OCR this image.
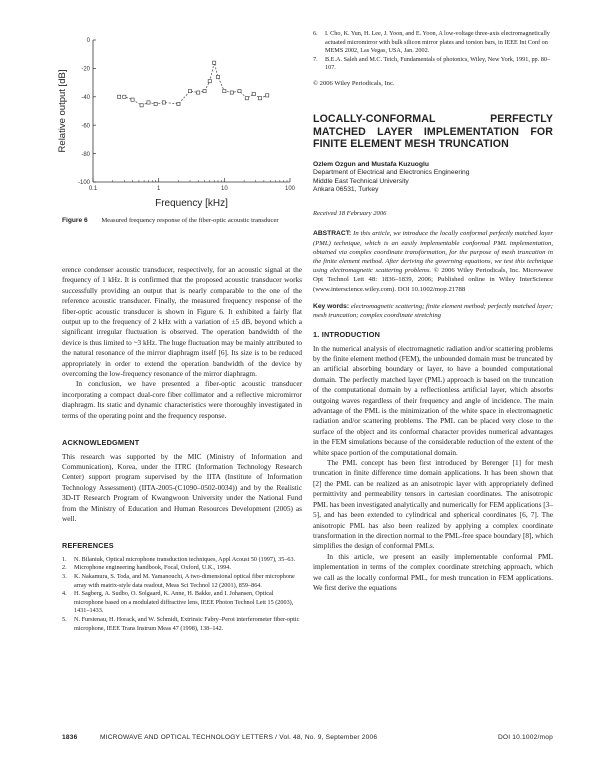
0
-20
-40
-60
-80
-100
0.1	1	10	100
Frequency [kHz]
Relative output [dB]
Figure 6 Measured frequency response of the fiber-optic acoustic transducer

erence condenser acoustic transducer, respectively, for an acoustic signal at the frequency of 1 kHz. It is confirmed that the proposed acoustic transducer works successfully providing an output that is nearly comparable to the one of the reference acoustic transducer. Finally, the measured frequency response of the fiber-optic acoustic transducer is shown in Figure 6. It exhibited a fairly flat output up to the frequency of 2 kHz with a variation of ±5 dB, beyond which a significant irregular fluctuation is observed. The operation bandwidth of the device is thus limited to ~3 kHz. The huge fluctuation may be mainly attributed to the natural resonance of the mirror diaphragm itself [6]. Its size is to be reduced appropriately in order to extend the operation bandwidth of the device by overcoming the low-frequency resonance of the mirror diaphragm.

In conclusion, we have presented a fiber-optic acoustic transducer incorporating a compact dual-core fiber collimator and a reflective micromirror diaphragm. Its static and dynamic characteristics were thoroughly investigated in terms of the operating point and the frequency response.

ACKNOWLEDGMENT

This research was supported by the MIC (Ministry of Information and Communication), Korea, under the ITRC (Information Technology Research Center) support program supervised by the IITA (Institute of Information Technology Assessment) (IITA-2005-(C1090–0502-0034)) and by the Realistic 3D-IT Research Program of Kwangwoon University under the National Fund from the Ministry of Education and Human Resources Development (2005) as well.

REFERENCES
1.	N. Bilaniuk, Optical microphone transduction techniques, Appl Acoust 50 (1997), 35–63.
2.	Microphone engineering handbook, Focal, Oxford, U.K., 1994.
3.	K. Nakamura, S. Toda, and M. Yamanouchi, A two-dimensional optical fiber microphone array with matrix-style data readout, Meas Sci Technol 12 (2001), 859–864.
4.	H. Sagberg, A. Sudbo, O. Solgaard, K. Anne, H. Bakke, and I. Johansen, Optical microphone based on a modulated diffractive lens, IEEE Photon Technol Lett 15 (2003), 1431–1433.
5.	N. Furstenau, H. Horack, and W. Schmidt, Extrinsic Fabry–Perot interferometer fiber-optic microphone, IEEE Trans Instrum Meas 47 (1998), 138–142.
6.	I. Cho, K. Yun, H. Lee, J. Yoon, and E. Yoon, A low-voltage three-axis electromagnetically actuated micromirror with bulk silicon mirror plates and torsion bars, in IEEE Int Conf on MEMS 2002, Las Vegas, USA, Jan. 2002.
7.	B.E.A. Saleh and M.C. Teich, Fundamentals of photonics, Wiley, New York, 1991, pp. 80–107.
© 2006 Wiley Periodicals, Inc.
LOCALLY-CONFORMAL PERFECTLY MATCHED LAYER IMPLEMENTATION FOR FINITE ELEMENT MESH TRUNCATION
Ozlem Ozgun and Mustafa Kuzuoglu
Department of Electrical and Electronics Engineering
Middle East Technical University
Ankara 06531, Turkey
Received 18 February 2006

ABSTRACT: In this article, we introduce the locally conformal perfectly matched layer (PML) technique, which is an easily implementable conformal PML implementation, obtained via complex coordinate transformation, for the purpose of mesh truncation in the finite element method. After deriving the governing equations, we test this technique using electromagnetic scattering problems. © 2006 Wiley Periodicals, Inc. Microwave Opt Technol Lett 48: 1836–1839, 2006; Published online in Wiley InterScience (www.interscience.wiley.com). DOI 10.1002/mop.21788

Key words: electromagnetic scattering; finite element method; perfectly matched layer; mesh truncation; complex coordinate stretching

1. INTRODUCTION

In the numerical analysis of electromagnetic radiation and/or scattering problems by the finite element method (FEM), the unbounded domain must be truncated by an artificial absorbing boundary or layer, to have a bounded computational domain. The perfectly matched layer (PML) approach is based on the truncation of the computational domain by a reflectionless artificial layer, which absorbs outgoing waves regardless of their frequency and angle of incidence. The main advantage of the PML is the minimization of the white space in electromagnetic radiation and/or scattering problems. The PML can be placed very close to the surface of the object and its conformal character provides numerical advantages in the FEM simulations because of the considerable reduction of the extent of the white space portion of the computational domain.

The PML concept has been first introduced by Berenger [1] for mesh truncation in finite difference time domain applications. It has been shown that [2] the PML can be realized as an anisotropic layer with appropriately defined permittivity and permeability tensors in cartesian coordinates. The anisotropic PML has been investigated analytically and numerically for FEM applications [3–5], and has been extended to cylindrical and spherical coordinates [6, 7]. The anisotropic PML has also been realized by applying a complex coordinate transformation in the direction normal to the PML-free space boundary [8], which simplifies the design of conformal PMLs.

In this article, we present an easily implementable conformal PML implementation in terms of the complex coordinate stretching approach, which we call as the locally conformal PML, for mesh truncation in FEM applications. We first derive the equations

1836	MICROWAVE AND OPTICAL TECHNOLOGY LETTERS / Vol. 48, No. 9, September 2006	DOI 10.1002/mop
